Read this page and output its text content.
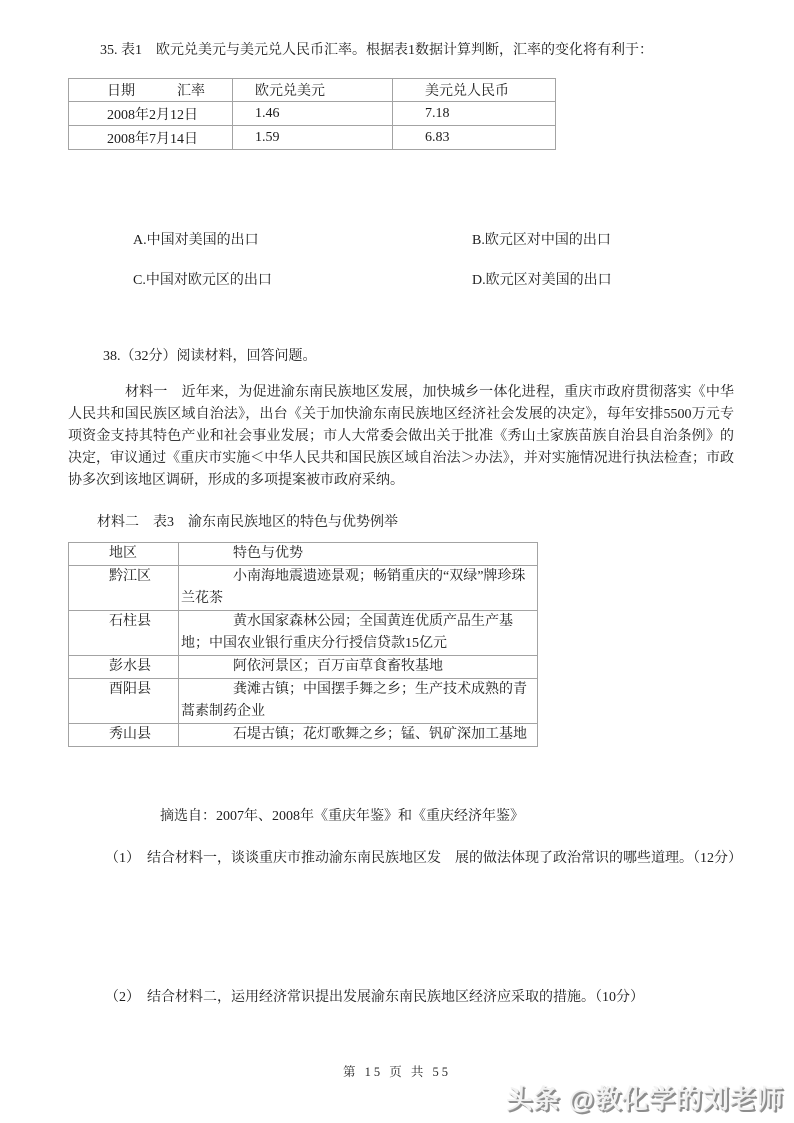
35. 表1　欧元兑美元与美元兑人民币汇率。根据表1数据计算判断，汇率的变化将有利于：
日期　　　汇率	欧元兑美元	美元兑人民币
2008年2月12日	1.46	7.18
2008年7月14日	1.59	6.83
A.中国对美国的出口	B.欧元区对中国的出口
C.中国对欧元区的出口	D.欧元区对美国的出口
38.（32分）阅读材料，回答问题。
材料一　近年来，为促进渝东南民族地区发展，加快城乡一体化进程，重庆市政府贯彻落实《中华人民共和国民族区域自治法》，出台《关于加快渝东南民族地区经济社会发展的决定》，每年安排5500万元专项资金支持其特色产业和社会事业发展；市人大常委会做出关于批准《秀山土家族苗族自治县自治条例》的决定，审议通过《重庆市实施＜中华人民共和国民族区域自治法＞办法》，并对实施情况进行执法检查；市政协多次到该地区调研，形成的多项提案被市政府采纳。
材料二　表3　渝东南民族地区的特色与优势例举
地区	特色与优势
黔江区	小南海地震遗迹景观；畅销重庆的“双绿”牌珍珠兰花茶
石柱县	黄水国家森林公园；全国黄连优质产品生产基地；中国农业银行重庆分行授信贷款15亿元
彭水县	阿依河景区；百万亩草食畜牧基地
酉阳县	龚滩古镇；中国摆手舞之乡；生产技术成熟的青蒿素制药企业
秀山县	石堤古镇；花灯歌舞之乡；锰、钒矿深加工基地
摘选自：2007年、2008年《重庆年鉴》和《重庆经济年鉴》
（1）　结合材料一，谈谈重庆市推动渝东南民族地区发　展的做法体现了政治常识的哪些道理。（12分）
（2）　结合材料二，运用经济常识提出发展渝东南民族地区经济应采取的措施。（10分）
第 15 页 共 55
头条 @教化学的刘老师
